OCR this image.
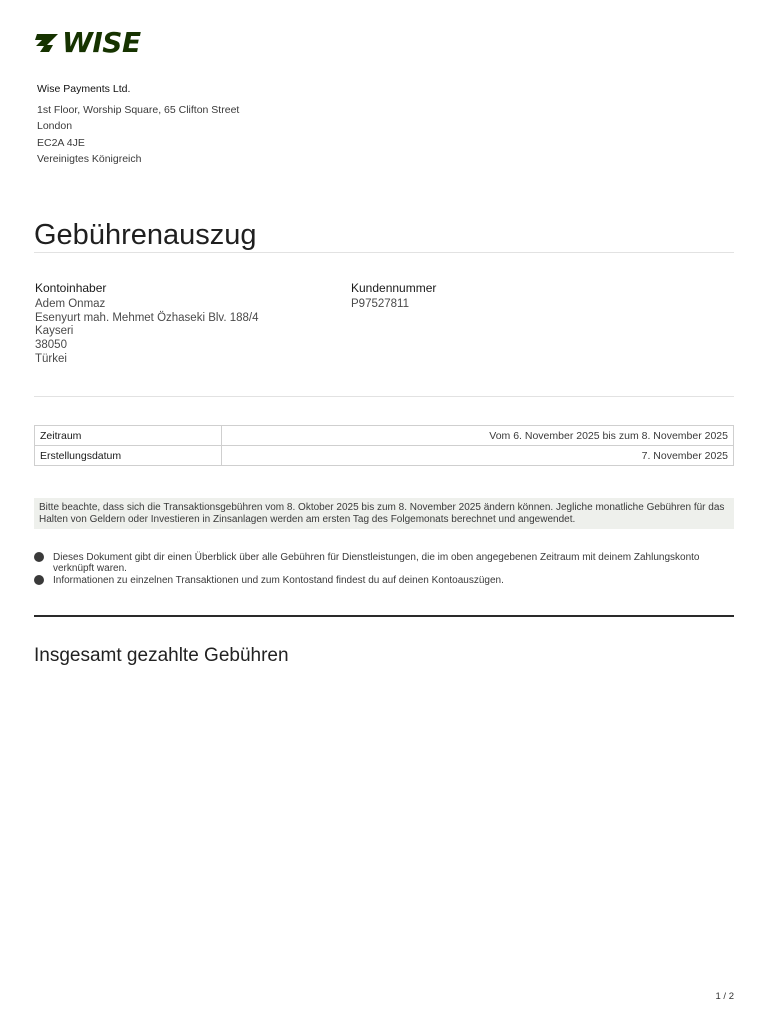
WISE
Wise Payments Ltd.
1st Floor, Worship Square, 65 Clifton Street
London
EC2A 4JE
Vereinigtes Königreich
Gebührenauszug
Kontoinhaber
Adem Onmaz
Esenyurt mah. Mehmet Özhaseki Blv. 188/4
Kayseri
38050
Türkei
Kundennummer
P97527811
Zeitraum	Vom 6. November 2025 bis zum 8. November 2025
Erstellungsdatum	7. November 2025
Bitte beachte, dass sich die Transaktionsgebühren vom 8. Oktober 2025 bis zum 8. November 2025 ändern können. Jegliche monatliche Gebühren für das Halten von Geldern oder Investieren in Zinsanlagen werden am ersten Tag des Folgemonats berechnet und angewendet.
Dieses Dokument gibt dir einen Überblick über alle Gebühren für Dienstleistungen, die im oben angegebenen Zeitraum mit deinem Zahlungskonto verknüpft waren.
Informationen zu einzelnen Transaktionen und zum Kontostand findest du auf deinen Kontoauszügen.
Insgesamt gezahlte Gebühren
1 / 2
